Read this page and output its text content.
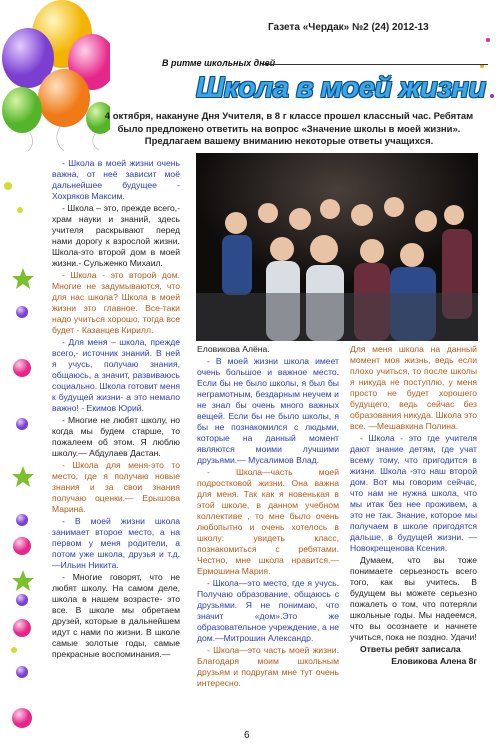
Газета «Чердак» №2 (24) 2012-13
В ритме школьных дней
Школа в моей жизни
4 октября, накануне Дня Учителя, в 8 г классе прошел классный час. Ребятам было предложено ответить на вопрос «Значение школы в моей жизни». Предлагаем вашему вниманию некоторые ответы учащихся.

- Школа в моей жизни очень важна, от неё зависит моё дальнейшее будущее - Хохряков Максим.

- Школа – это, прежде всего,- храм науки и знаний, здесь учителя раскрывают перед нами дорогу к взрослой жизни. Школа-это второй дом в моей жизни.- Сульженко Михаил.

- Школа - это второй дом. Многие не задумываются, что для нас школа? Школа в моей жизни это главное. Все-таки надо учиться хорошо, тогда все будет - Казанцев Кирилл.

- Для меня – школа, прежде всего,- источник знаний. В ней я учусь, получаю знания, общаюсь, а значит, развиваюсь социально. Школа готовит меня к будущей жизни- а это немало важно! - Екимов Юрий.

- Многие не любят школу, но когда мы будем старше, то пожалеем об этом. Я люблю школу.— Абдулаев Дастан.

- Школа для меня-это то место, где я получаю новые знания и за свои знания получаю оценки.— Ерышова Марина.

- В моей жизни школа занимает второе место, а на первом у меня родители, а потом уже школа, друзья и т.д.—Ильин Никита.

- Многие говорят, что не любят школу. На самом деле, школа в нашем возрасте- это все. В школе мы обретаем друзей, которые в дальнейшем идут с нами по жизни. В школе самые золотые годы, самые прекрасные воспоминания.—

Еловикова Алёна.

- В моей жизни школа имеет очень большое и важное место. Если бы не было школы, я был бы неграмотным, бездарным неучем и не знал бы очень много важных вещей. Если бы не было школы, я бы не познакомился с людьми, которые на данный момент являются моими лучшими друзьями.— Мусалимов Влад.

- Школа—часть моей подростковой жизни. Она важна для меня. Так как я новенькая в этой школе, в данном учебном коллективе , то мне было очень любопытно и очень хотелось в школу: увидеть класс, познакомиться с ребятами. Честно, мне школа нравится.—Ермошина Мария.

- Школа—это место, где я учусь. Получаю образование, общаюсь с друзьями. Я не понимаю, что значит «дом».Это же образовательное учреждение, а не дом.—Митрошин Александр.

- Школа—это часть моей жизни. Благодаря моим школьным друзьям и подругам мне тут очень интересно.

Для меня школа на данный момент моя жизнь, ведь если плохо учиться, то после школы я никуда не поступлю, у меня просто не будет хорошего будущего, ведь сейчас без образования никуда. Школа это все. —Мешавкина Полина.

- Школа - это где учителя дают знание детям, где учат всему тому, что пригодится в жизни. Школа -это наш второй дом. Вот мы говорим сейчас, что нам не нужна школа, что мы итак без нее проживем, а это не так. Знание, которое мы получаем в школе пригодятся дальше, в будущей жизни. — Новокрещенова Ксения.

Думаем, что вы тоже понимаете серьезность всего того, как вы учитесь. В будущем вы можете серьезно пожалеть о том, что потеряли школьные годы. Мы надеемся, что вы осознаете и начнете учиться, пока не поздно. Удачи!

Ответы ребят записала

Еловикова Алена 8г

6
